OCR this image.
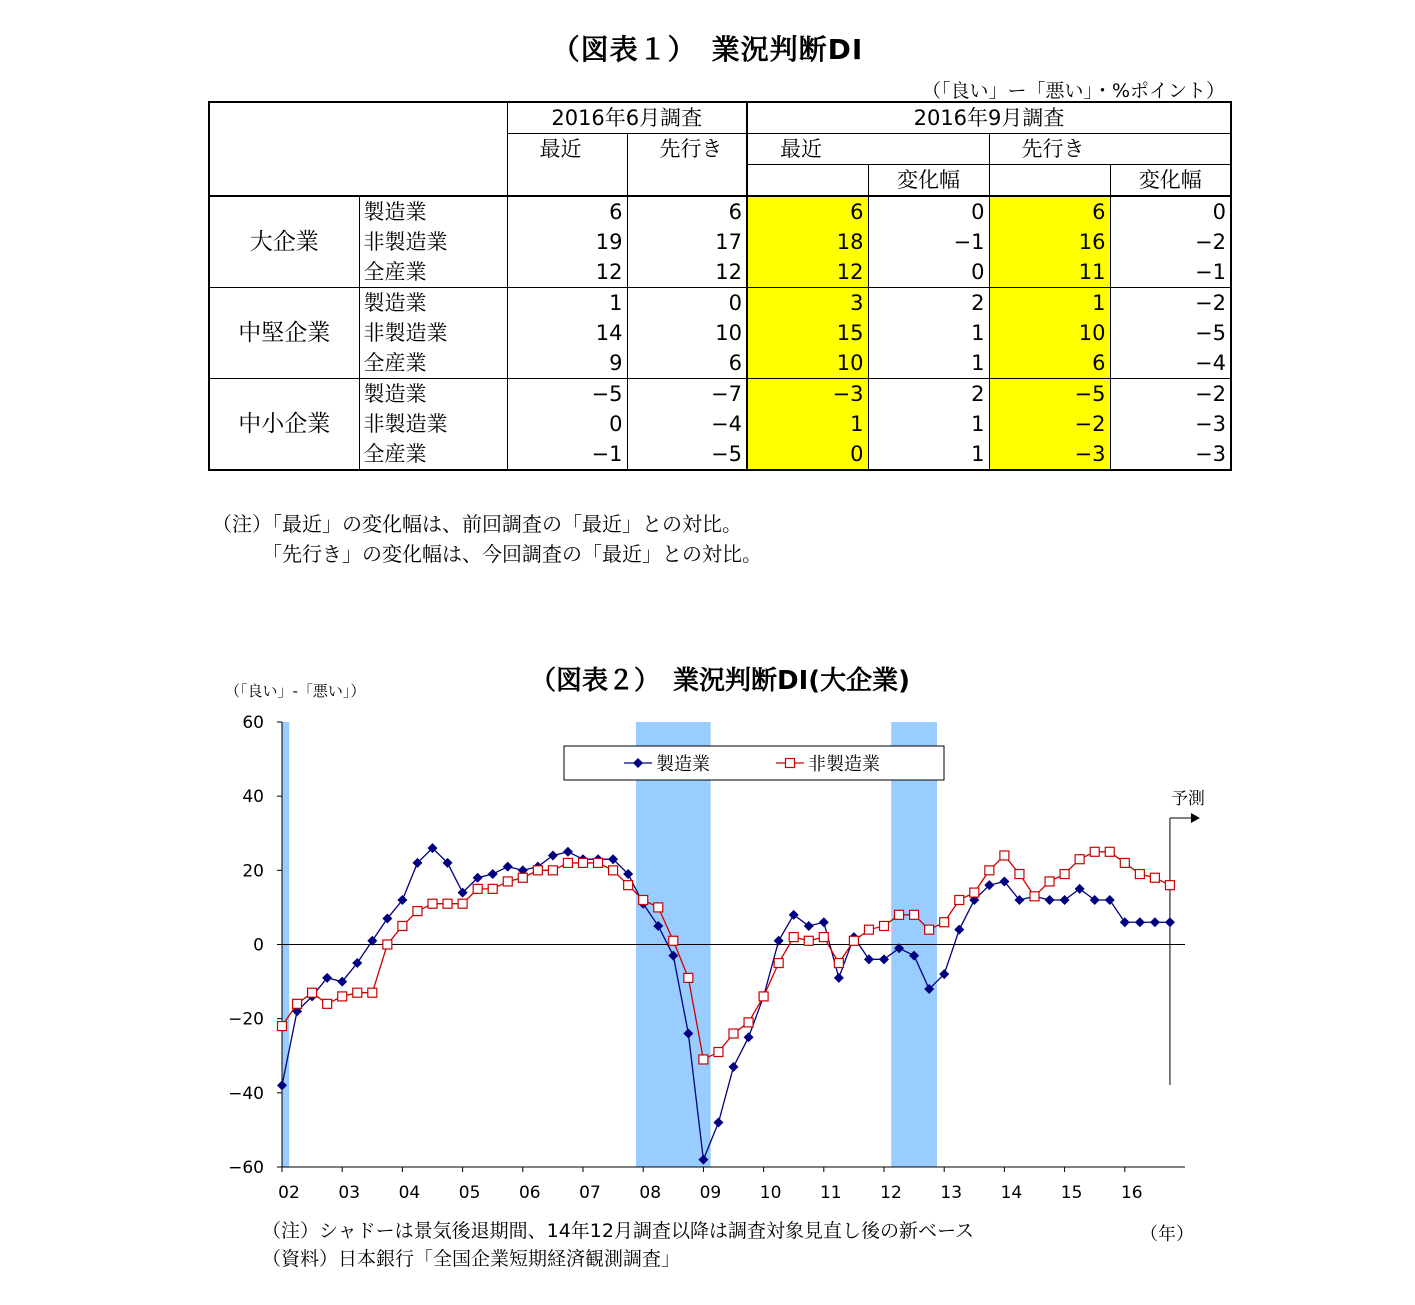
（図表１）　業況判断DI
（「良い」ー「悪い」・%ポイント）
		2016年6月調査		2016年9月調査			
		最近	先行き	最近		先行き	
					変化幅		変化幅
大企業	製造業	6	6	6	0	6	0
	非製造業	19	17	18	−1	16	−2
	全産業	12	12	12	0	11	−1
中堅企業	製造業	1	0	3	2	1	−2
	非製造業	14	10	15	1	10	−5
	全産業	9	6	10	1	6	−4
中小企業	製造業	−5	−7	−3	2	−5	−2
	非製造業	0	−4	1	1	−2	−3
	全産業	−1	−5	0	1	−3	−3
（注）「最近」の変化幅は、前回調査の「最近」との対比。
「先行き」の変化幅は、今回調査の「最近」との対比。
60
40
20
0
−20
−40
−60
02 03 04 05 06 07 08 09 10 11 12 13 14 15 16
予測
製造業	非製造業
（図表２）　業況判断DI(大企業)
（「良い」-「悪い」）
（年）
（注）シャドーは景気後退期間、14年12月調査以降は調査対象見直し後の新ベース
（資料）日本銀行「全国企業短期経済観測調査」
